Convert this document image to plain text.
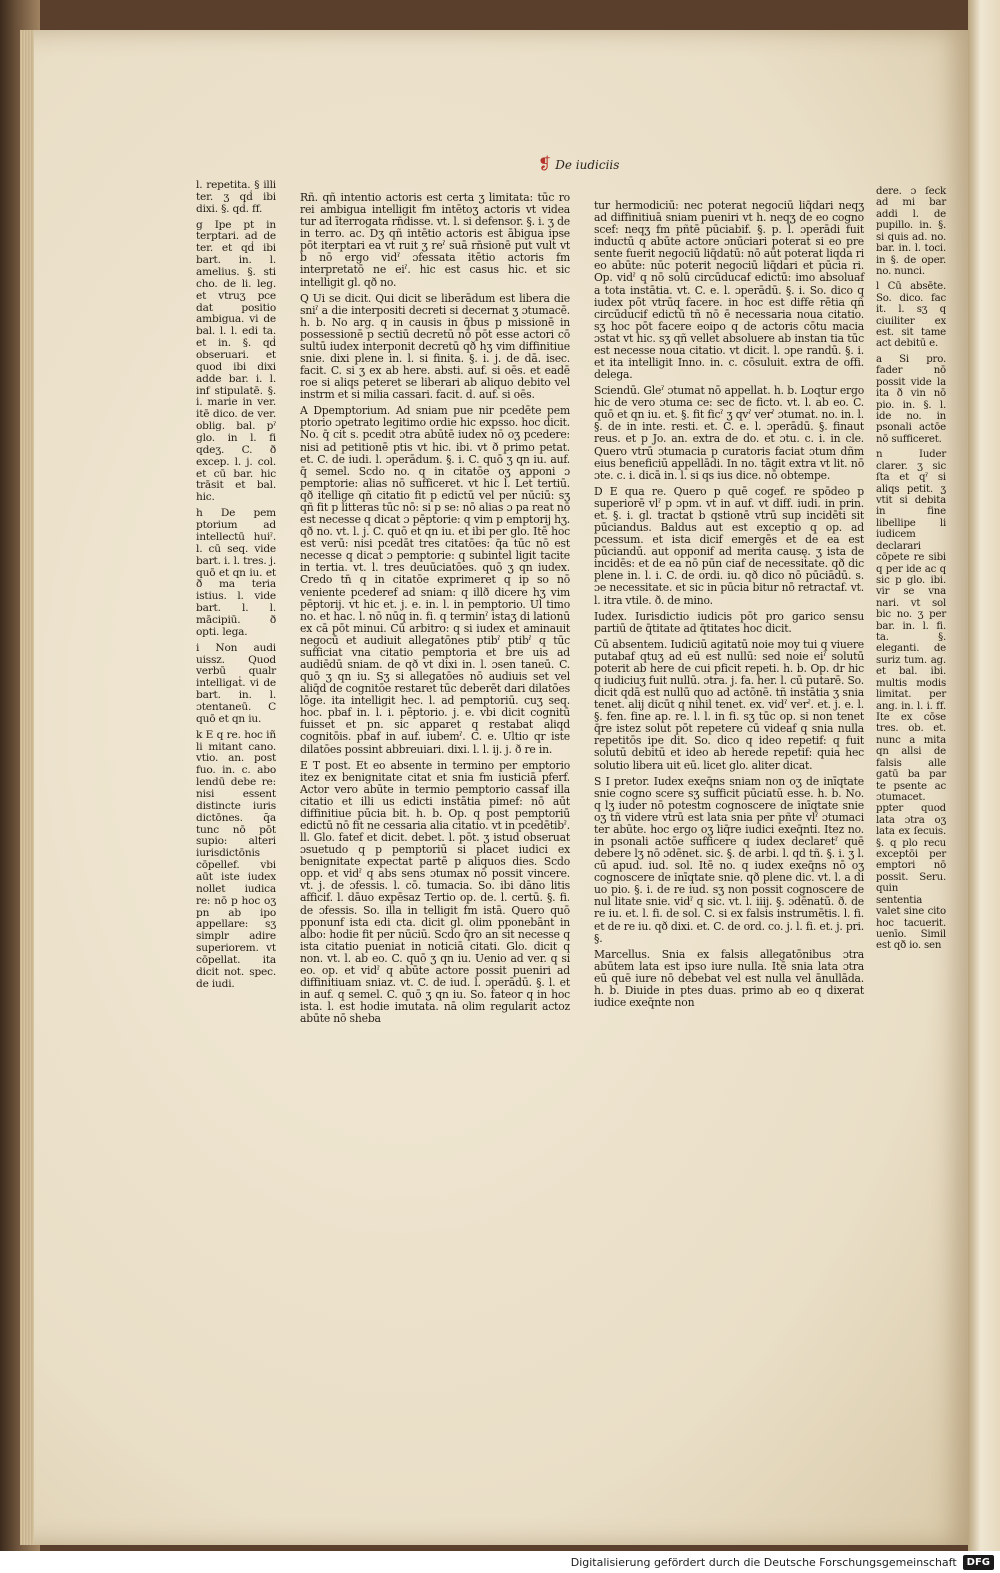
❡ De iudiciis

l. repetita. § illi ter. ʒ qḋ ibi dixi. §. qḋ. ff.

g Ipe pt in terptari. ad de ter. et qḋ ibi bart. in. l. amelius. §. sti cho. de li. leg. et vtruʒ pce dat positio ambigua. vi de bal. l. l. edi ta. et in. §. qḋ obseruari. et quod ibi dixi adde bar. i. l. inf stipulatē. §. i. marie in ver. itē dico. de ver. oblig. bal. pˀ glo. in l. fi qdeʒ. C. ð excep. l. j. col. et cū bar. hic trāsit et bal. hic.

h De pem ptorium ad intellectū huiˀ. l. cū seq. vide bart. i. l. tres. j. quō et qn iu. et ð ma teria istius. l. vide bart. l. l. mācipiū. ð opti. lega.

i Non audi uissz. Quod verbū qualr intelligaṫ. vi de bart. in. l. ɔtentaneū. C quō et qn iu.

k E q re. hoc iñ li mitant cano. vtio. an. post fuo. in. c. abo lendū debe re: nisi essent distincte iuris dictōnes. q̄a tunc nō pōt supio: alteri iurisdictōnis cōpellef. vbi aūt iste iudex nollet iudica re: nō p hoc oʒ pn ab ipo appellare: sʒ simplr adire superiorem. vt cōpellat. ita dicit not. spec. de iudi.

Rñ. qñ intentio actoris est certa ʒ limitata: tūc ro rei ambigua intelligit fm intētoʒ actoris vt videa tur ad īterrogata rn̄disse. vt. l. si defensor. §. i. ʒ de in terro. ac. Dʒ qñ intētio actoris est ābigua ipse pōt iterptari ea vt ruit ʒ reˀ suā rn̄sionē put vult vt b nō ergo vidˀ ɔfessata itētio actoris fm interpretatō ne eiˀ. hic est casus hic. et sic intelligit gl. qð no.

Q Ui se dicit. Qui dicit se liberādum est libera die sniˀ a die interpositi decreti si decernat ʒ ɔtumacē. h. b. No arg. q in causis in q̄bus p missionē in possessionē p sectiū decretū nō pōt esse actori cō sultū iudex interponit decretū qð hʒ vim diffinitiue snie. dixi plene in. l. si finita. §. i. j. de dā. isec. facit. C. si ʒ ex ab here. absti. auf. si oēs. et eadē roe si aliqs peteret se liberari ab aliquo debito vel instrm et si milia cassari. facit. d. auf. si oēs.

A Dpemptorium. Ad sniam pue nir pcedēte pem ptorio ɔpetrato legitimo ordie hic expsso. hoc dicit. No. q̄ cit̄ s. pcedit ɔtra abūtē iudex nō oʒ pcedere: nisi ad petitionē ptis vt hic. ibi. vt ð primo petat. et. C. de iudi. l. ɔperādum. §. i. C. quō ʒ qn iu. auf. q̄ semel. Scdo no. q in citatōe oʒ apponi ɔ pemptorie: alias nō sufficeret. vt hic l. Let tertiū. qð itellige qñ citatio fit p edictū vel per nūciū: sʒ qñ fit p litteras tūc nō: si p se: nō alias ɔ pa reat nō est necesse q dicat ɔ pēptorie: q vim p emptorij hʒ. qð no. vt. l. j. C. quō et qn iu. et ibi per glo. Itē hoc est verū: nisi pcedāt tres citatōes: q̄a tūc nō est necesse q dicat ɔ pemptorie: q subintel ligit tacite in tertia. vt. l. tres deuūciatōes. quō ʒ qn iudex. Credo tn̄ q in citatōe exprimeret q ip so nō veniente pcederef ad sniam: q illð dicere hʒ vim pēptorij. vt hic et. j. e. in. l. in pemptorio. Ul timo no. et hac. l. nō nūq in. fi. q terminˀ istaʒ di lationū ex cā pōt minui. Cū arbitro: q si iudex et aminauit negocū et audiuit allegatōnes ptibˀ ptibˀ q tūc sufficiat vna citatio pemptoria et bre uis ad audiēdū sniam. de qð vt dixi in. l. ɔsen taneū. C. quō ʒ qn iu. Sʒ si allegatōes nō audiuis set vel aliq̄d de cognitōe restaret tūc deberēt dari dilatōes lōge. ita intelligit hec. l. ad pemptoriū. cuʒ seq. hoc. pbaf in. l. i. pēptorio. j. e. vbi dicit cognitū fuisset et pn. sic apparet q restabat aliqd cognitōis. pbaf in auf. iubemˀ. C. e. Ultio qr iste dilatōes possint abbreuiari. dixi. l. l. ij. j. ð re in.

E T post. Et eo absente in termino per emptorio itez ex benignitate citat et snia fm iusticiā pferf. Actor vero abūte in termio pemptorio cassaf illa citatio et illi us edicti instātia pimef: nō aūt diffinitiue pūcia bit. h. b. Op. q post pemptoriū edictū nō fit ne cessaria alia citatio. vt in pcedētibˀ. ll. Glo. fatef et dicit. debet. l. pōt. ʒ istud obseruat ɔsuetudo q p pemptoriū si placet iudici ex benignitate expectat partē p aliquos dies. Scdo opp. et vidˀ q abs sens ɔtumax nō possit vincere. vt. j. de ɔfessis. l. cō. tumacia. So. ibi dāno litis afficif. l. dāuo expēsaz Tertio op. de. l. certū. §. fi. de ɔfessis. So. illa in telligit fm istā. Quero quō pponunf ista edi cta. dicit gl. olim pponebānt in albo: hodie fit per nūciū. Scdo q̄ro an sit necesse q ista citatio pueniat in noticiā citati. Glo. dicit q non. vt. l. ab eo. C. quō ʒ qn iu. Uenio ad ver. q si eo. op. et vidˀ q abūte actore possit pueniri ad diffinitiuam sniaz. vt. C. de iud. l. ɔperādū. §. l. et in auf. q semel. C. quō ʒ qn iu. So. fateor q in hoc ista. l. est hodie imutata. nā olim regularit actoz abūte nō sheba

tur hermodiciū: nec poterat negociū liq̄dari neqʒ ad diffinitiuā sniam pueniri vt h. neqʒ de eo cogno scef: neqʒ fm pñtē pūciabif. §. p. l. ɔperādi fuit inductū q abūte actore ɔnūciari poterat si eo pre sente fuerit negociū liq̄datū: nō aūt poterat liqda ri eo abūte: nūc poterit negociū liq̄dari et pūcia ri. Op. vidˀ q nō solū circūducaf edictū: imo absoluaf a tota instātia. vt. C. e. l. ɔperādū. §. i. So. dico q iudex pōt vtrūq facere. in hoc est diffe rētia qñ circūducif edictū tñ nō ē necessaria noua citatio. sʒ hoc pōt facere eoipo q de actoris cōtu macia ɔstat vt hic. sʒ qñ vellet absoluere ab instan tia tūc est necesse noua citatio. vt dicit. l. ɔpe randū. §. i. et ita intelligit Inno. in. c. cōsuluit. extra de offi. delega.

Sciendū. Gleˀ ɔtumat nō appellat. h. b. Loqtur ergo hic de vero ɔtuma ce: sec de ficto. vt. l. ab eo. C. quō et qn iu. et. §. fit ficˀ ʒ qvˀ verˀ ɔtumat. no. in. l. §. de in inte. resti. et. C. e. l. ɔperādū. §. finaut reus. et p Jo. an. extra de do. et ɔtu. c. i. in cle. Quero vtrū ɔtumacia p curatoris faciat ɔtum dñm eius beneficiū appellādi. In no. tāgit extra vt lit. nō ɔte. c. i. dicā in. l. si qs ius dice. nō obtempe.

D E qua re. Quero p quē cogef. re spōdeo p superiorē vlˀ p ɔpm. vt in auf. vt diff. iudi. in prin. et. §. i. gl. tractat b qstionē vtrū sup incidēti sit pūciandus. Baldus aut est exceptio q op. ad pcessum. et ista dicif emergēs et de ea est pūciandū. aut opponif ad merita causę. ʒ ista de incidēs: et de ea nō pūn ciaf de necessitate. qð dic plene in. l. i. C. de ordi. iu. qð dico nō pūciādū. s. ɔe necessitate. et sic in pūcia bitur nō retractaf. vt. l. itra vtile. ð. de mino.

Iudex. Iurisdictio iudicis pōt pro garico sensu partiū de q̄titate ad q̄titates hoc dicit.

Cū absentem. Iudiciū agitatū noie moy tui q viuere putabaf qtuʒ ad eū est nullū: sed noie eiˀ solutū poterit ab here de cui pficit repeti. h. b. Op. dr hic q iudiciuʒ fuit nullū. ɔtra. j. fa. her. l. cū putarē. So. dicit qdā est nullū quo ad actōnē. tñ instātia ʒ snia tenet. alij dicūt q nihil tenet. ex. vidˀ verˀ. et. j. e. l. §. fen. fine ap. re. l. l. in fi. sʒ tūc op. si non tenet q̄re istez solut pōt repetere cū videaf q snia nulla repetitōs ipe dit. So. dico q ideo repetif: q fuit solutū debitū et ideo ab herede repetif: quia hec solutio libera uit eū. licet glo. aliter dicat.

S I pretor. Iudex exeq̄ns sniam non oʒ de inīqtate snie cogno scere sʒ sufficit pūciatū esse. h. b. No. q lʒ iuder nō potestm cognoscere de inīqtate snie oʒ tñ videre vtrū est lata snia per pñte vlˀ ɔtumaci ter abūte. hoc ergo oʒ liq̄re iudici exeq̄nti. Itez no. in psonali actōe sufficere q iudex declaretˀ quē debere lʒ nō ɔdēnet. sic. §. de arbi. l. qd tñ. §. i. ʒ l. cū apud. iud. sol. Itē no. q iudex exeq̄ns nō oʒ cognoscere de inīqtate snie. qð plene dic. vt. l. a di uo pio. §. i. de re iud. sʒ non possit cognoscere de nul litate snie. vidˀ q sic. vt. l. iiij. §. ɔdēnatū. ð. de re iu. et. l. fi. de sol. C. si ex falsis instrumētis. l. fi. et de re iu. qð dixi. et. C. de ord. co. j. l. fi. et. j. pri. §.

Marcellus. Snia ex falsis allegatōnibus ɔtra abūtem lata est ipso iure nulla. Itē snia lata ɔtra eū quē iure nō debebat vel est nulla vel ānullāda. h. b. Diuide in ptes duas. primo ab eo q dixerat iudice exeq̄nte non

dere. ɔ ſeck ad mi bar addi l. de pupillo. in. §. si quis ad. no. bar. in. l. toci. in §. de oper. no. nunci.

l Cū absēte. So. dico. fac it. l. sʒ q ciuiliter ex est. sit tame act debitū e.

a Si pro. fader nō possit vide la ita ð vin nō pio. in. §. l. ide no. in psonali actōe nō sufficeret.

n Iuder clarer. ʒ sic ſta et qˀ si aliqs petit. ʒ vtit si debita in fine libellipe li iudicem declarari cōpete re sibi q per ide ac q sic p glo. ibi. vir se vna nari. vt sol bic no. ʒ per bar. in. l. fi. ta. §. eleganti. de suriz tum. ag. et bal. ibi. multis modis limitat. per ang. in. l. i. ff. Ite ex cōse tres. ob. et. nunc a mita qn allsi de falsis alle gatū ba par te psente ac ɔtumacet. ppter quod lata ɔtra oʒ lata ex ſecuis. §. q plo recu exceptōi per emptori nō possit. Seru. quin sententia valet sine cito hoc tacuerit. uenīo. Simil est qð io. sen

Digitalisierung gefördert durch die Deutsche Forschungsgemeinschaft	DFG
